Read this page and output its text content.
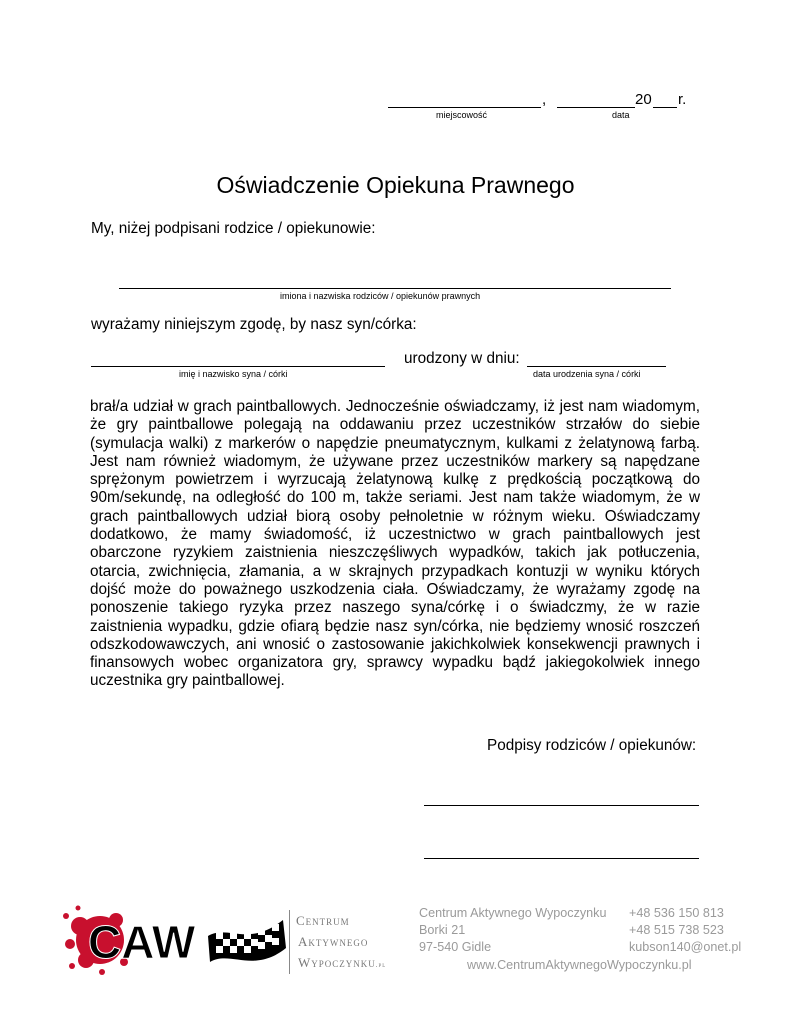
,	20 r.
miejscowość	data
Oświadczenie Opiekuna Prawnego
My, niżej podpisani rodzice / opiekunowie:
imiona i nazwiska rodziców / opiekunów prawnych
wyrażamy niniejszym zgodę, by nasz syn/córka:
imię i nazwisko syna / córki
urodzony w dniu:
data urodzenia syna / córki
brał/a udział w grach paintballowych. Jednocześnie oświadczamy, iż jest nam wiadomym, że gry paintballowe polegają na oddawaniu przez uczestników strzałów do siebie (symulacja walki) z markerów o napędzie pneumatycznym, kulkami z żelatynową farbą. Jest nam również wiadomym, że używane przez uczestników markery są napędzane sprężonym powietrzem i wyrzucają żelatynową kulkę z prędkością początkową do 90m/sekundę, na odległość do 100 m, także seriami. Jest nam także wiadomym, że w grach paintballowych udział biorą osoby pełnoletnie w różnym wieku. Oświadczamy dodatkowo, że mamy świadomość, iż uczestnictwo w grach paintballowych jest obarczone ryzykiem zaistnienia nieszczęśliwych wypadków, takich jak potłuczenia, otarcia, zwichnięcia, złamania, a w skrajnych przypadkach kontuzji w wyniku których dojść może do poważnego uszkodzenia ciała. Oświadczamy, że wyrażamy zgodę na ponoszenie takiego ryzyka przez naszego syna/córkę i o świadczmy, że w razie zaistnienia wypadku, gdzie ofiarą będzie nasz syn/córka, nie będziemy wnosić roszczeń odszkodowawczych, ani wnosić o zastosowanie jakichkolwiek konsekwencji prawnych i finansowych wobec organizatora gry, sprawcy wypadku bądź jakiegokolwiek innego uczestnika gry paintballowej.
Podpisy rodziców / opiekunów:
CAW	Centrum
Aktywnego
Wypoczynku.pl
Centrum Aktywnego Wypoczynku
Borki 21
97-540 Gidle
+48 536 150 813
+48 515 738 523
kubson140@onet.pl
www.CentrumAktywnegoWypoczynku.pl
